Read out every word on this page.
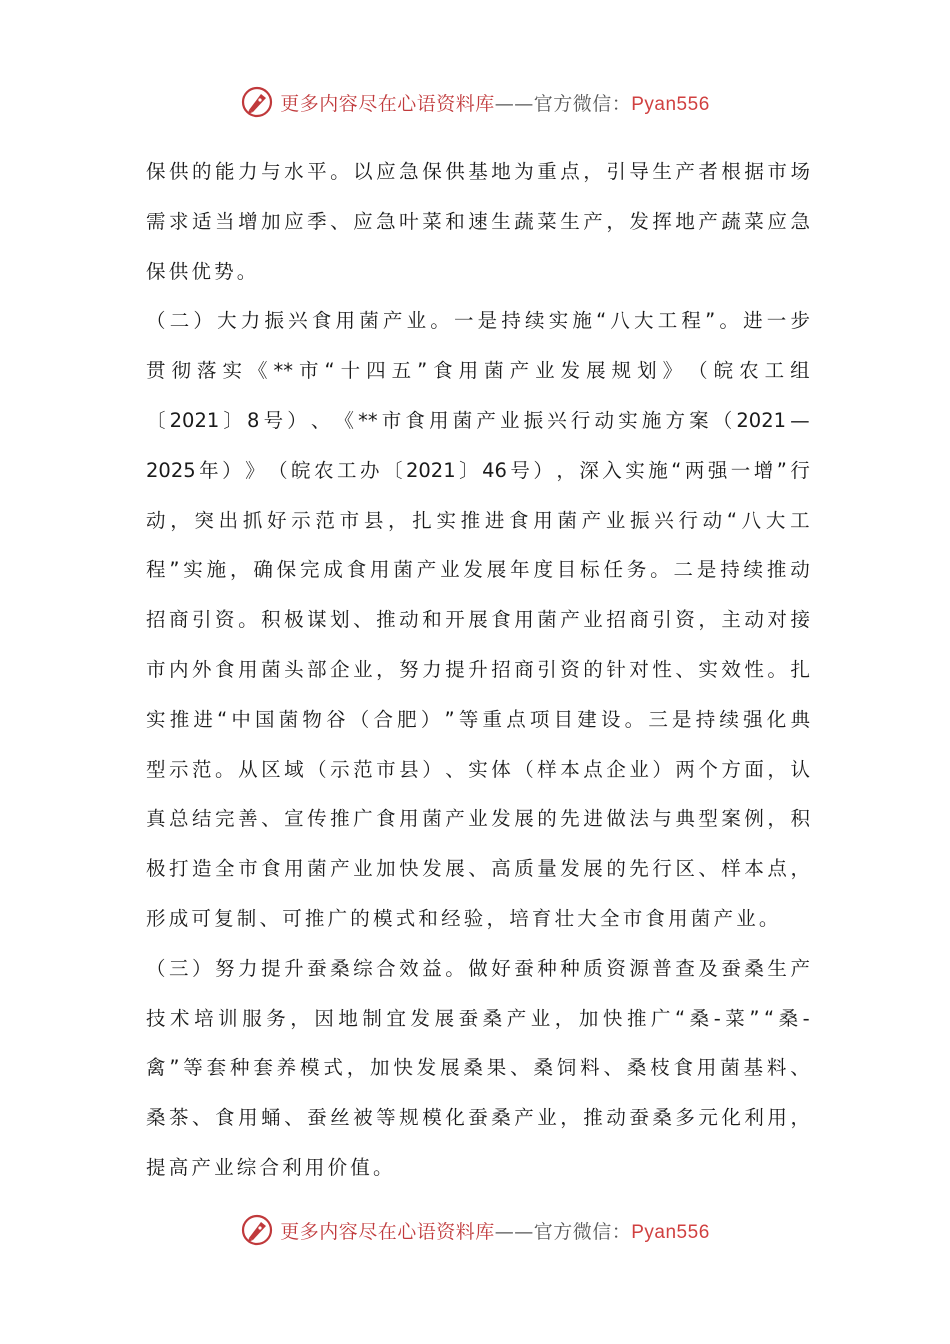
更多内容尽在心语资料库——官方微信：Pyan556
保 供 的 能 力 与 水 平 。 以 应 急 保 供 基 地 为 重 点 ， 引 导 生 产 者 根 据 市 场
需 求 适 当 增 加 应 季 、 应 急 叶 菜 和 速 生 蔬 菜 生 产 ， 发 挥 地 产 蔬 菜 应 急
保供优势。
（ 二 ） 大 力 振 兴 食 用 菌 产 业 。 一 是 持 续 实 施 “ 八 大 工 程 ” 。 进 一 步
贯 彻 落 实 《 ** 市 “ 十 四 五 ” 食 用 菌 产 业 发 展 规 划 》 （ 皖 农 工 组
〔 2021 〕 8 号 ） 、 《 ** 市 食 用 菌 产 业 振 兴 行 动 实 施 方 案 （ 2021 —
2025 年 ） 》 （ 皖 农 工 办 〔 2021 〕 46 号 ） ， 深 入 实 施 “ 两 强 一 增 ” 行
动 ， 突 出 抓 好 示 范 市 县 ， 扎 实 推 进 食 用 菌 产 业 振 兴 行 动 “ 八 大 工
程 ” 实 施 ， 确 保 完 成 食 用 菌 产 业 发 展 年 度 目 标 任 务 。 二 是 持 续 推 动
招 商 引 资 。 积 极 谋 划 、 推 动 和 开 展 食 用 菌 产 业 招 商 引 资 ， 主 动 对 接
市 内 外 食 用 菌 头 部 企 业 ， 努 力 提 升 招 商 引 资 的 针 对 性 、 实 效 性 。 扎
实 推 进 “ 中 国 菌 物 谷 （ 合 肥 ） ” 等 重 点 项 目 建 设 。 三 是 持 续 强 化 典
型 示 范 。 从 区 域 （ 示 范 市 县 ） 、 实 体 （ 样 本 点 企 业 ） 两 个 方 面 ， 认
真 总 结 完 善 、 宣 传 推 广 食 用 菌 产 业 发 展 的 先 进 做 法 与 典 型 案 例 ， 积
极 打 造 全 市 食 用 菌 产 业 加 快 发 展 、 高 质 量 发 展 的 先 行 区 、 样 本 点 ，
形成可复制、可推广的模式和经验，培育壮大全市食用菌产业。
（ 三 ） 努 力 提 升 蚕 桑 综 合 效 益 。 做 好 蚕 种 种 质 资 源 普 查 及 蚕 桑 生 产
技 术 培 训 服 务 ， 因 地 制 宜 发 展 蚕 桑 产 业 ， 加 快 推 广 “ 桑 - 菜 ” “ 桑 -
禽 ” 等 套 种 套 养 模 式 ， 加 快 发 展 桑 果 、 桑 饲 料 、 桑 枝 食 用 菌 基 料 、
桑 茶 、 食 用 蛹 、 蚕 丝 被 等 规 模 化 蚕 桑 产 业 ， 推 动 蚕 桑 多 元 化 利 用 ，
提高产业综合利用价值。
更多内容尽在心语资料库——官方微信：Pyan556
